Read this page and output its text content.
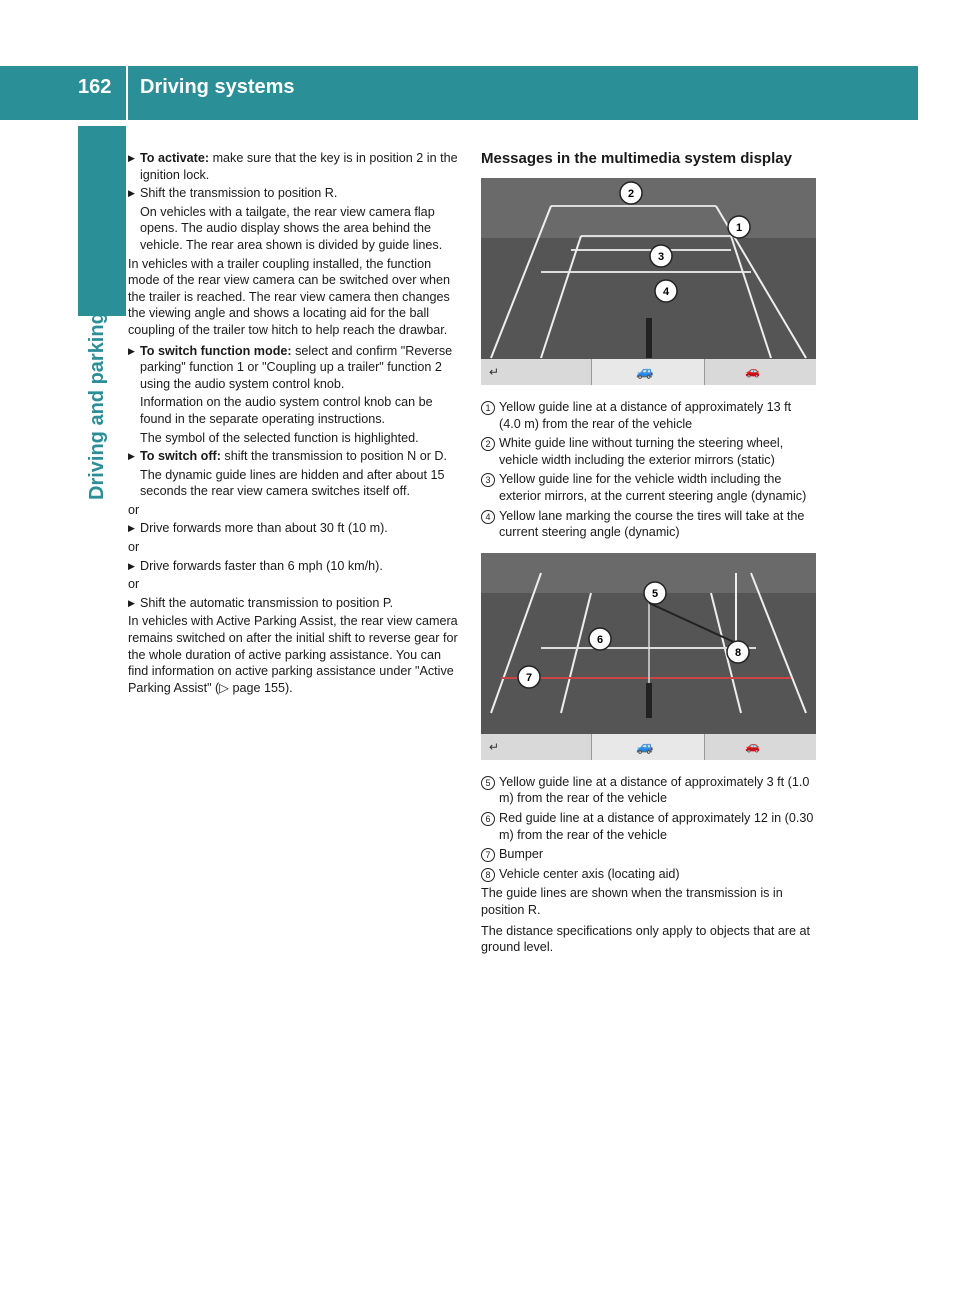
162 Driving systems
Driving and parking
▶ To activate: make sure that the key is in position 2 in the ignition lock.
▶ Shift the transmission to position R.
On vehicles with a tailgate, the rear view camera flap opens. The audio display shows the area behind the vehicle. The rear area shown is divided by guide lines.

In vehicles with a trailer coupling installed, the function mode of the rear view camera can be switched over when the trailer is reached. The rear view camera then changes the viewing angle and shows a locating aid for the ball coupling of the trailer tow hitch to help reach the drawbar.

▶ To switch function mode: select and confirm "Reverse parking" function 1 or "Coupling up a trailer" function 2 using the audio system control knob.
Information on the audio system control knob can be found in the separate operating instructions.
The symbol of the selected function is highlighted.
▶ To switch off: shift the transmission to position N or D.
The dynamic guide lines are hidden and after about 15 seconds the rear view camera switches itself off.
or
▶ Drive forwards more than about 30 ft (10 m).
or
▶ Drive forwards faster than 6 mph (10 km/h).
or
▶ Shift the automatic transmission to position P.

In vehicles with Active Parking Assist, the rear view camera remains switched on after the initial shift to reverse gear for the whole duration of active parking assistance. You can find information on active parking assistance under "Active Parking Assist" (▷ page 155).

Messages in the multimedia system display
2
1
3
4
↵	🚙	🚗
1 Yellow guide line at a distance of approximately 13 ft (4.0 m) from the rear of the vehicle
2 White guide line without turning the steering wheel, vehicle width including the exterior mirrors (static)
3 Yellow guide line for the vehicle width including the exterior mirrors, at the current steering angle (dynamic)
4 Yellow lane marking the course the tires will take at the current steering angle (dynamic)
5
8
6
7
↵	🚙	🚗
5 Yellow guide line at a distance of approximately 3 ft (1.0 m) from the rear of the vehicle
6 Red guide line at a distance of approximately 12 in (0.30 m) from the rear of the vehicle
7 Bumper
8 Vehicle center axis (locating aid)

The guide lines are shown when the transmission is in position R.

The distance specifications only apply to objects that are at ground level.
